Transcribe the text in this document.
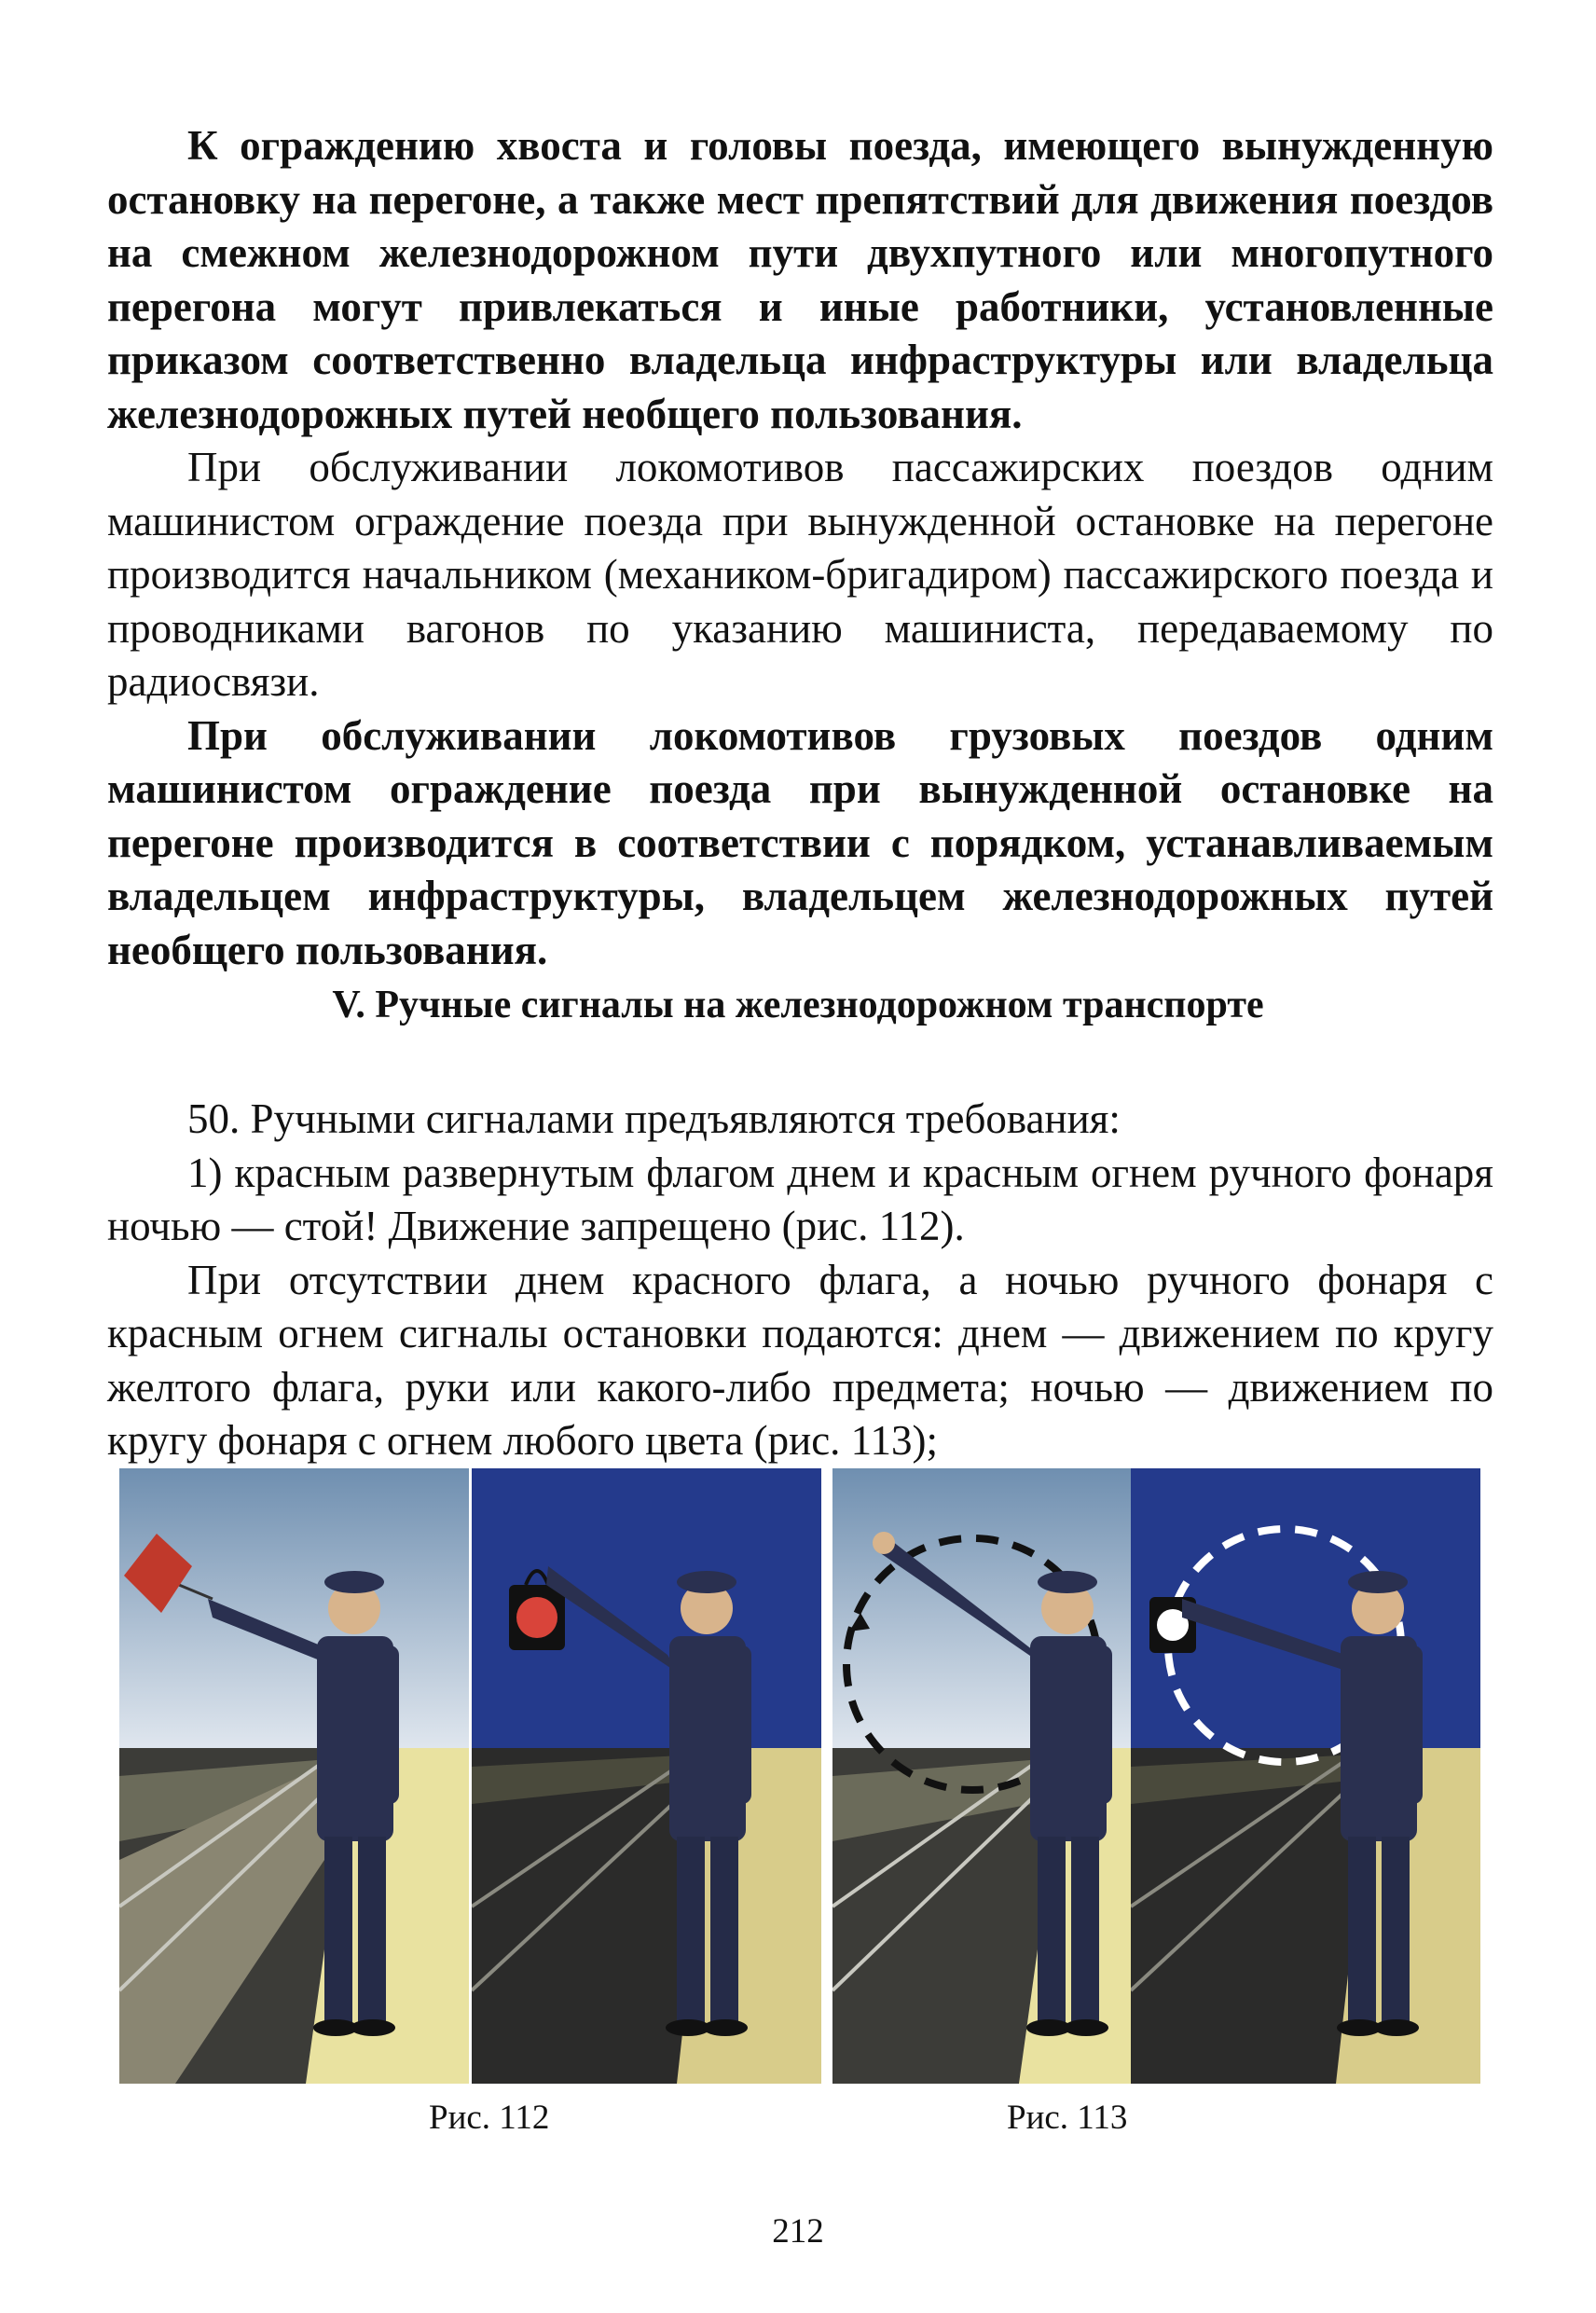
К ограждению хвоста и головы поезда, имеющего вынужденную остановку на перегоне, а также мест препятствий для движения поездов на смежном железнодорожном пути двухпутного или многопутного перегона могут привлекаться и иные работники, установленные приказом соответственно владельца инфраструктуры или владельца железнодорожных путей необщего пользования.

При обслуживании локомотивов пассажирских поездов одним машинистом ограждение поезда при вынужденной остановке на перегоне производится начальником (механиком-бригадиром) пассажирского поезда и проводниками вагонов по указанию машиниста, передаваемому по радиосвязи.

При обслуживании локомотивов грузовых поездов одним машинистом ограждение поезда при вынужденной остановке на перегоне производится в соответствии с порядком, устанавливаемым владельцем инфраструктуры, владельцем железнодорожных путей необщего пользования.

V. Ручные сигналы на железнодорожном транспорте

50. Ручными сигналами предъявляются требования:

1) красным развернутым флагом днем и красным огнем ручного фонаря ночью — стой! Движение запрещено (рис. 112).

При отсутствии днем красного флага, а ночью ручного фонаря с красным огнем сигналы остановки подаются: днем — движением по кругу желтого флага, руки или какого-либо предмета; ночью — движением по кругу фонаря с огнем любого цвета (рис. 113);

Рис. 112	Рис. 113
212
